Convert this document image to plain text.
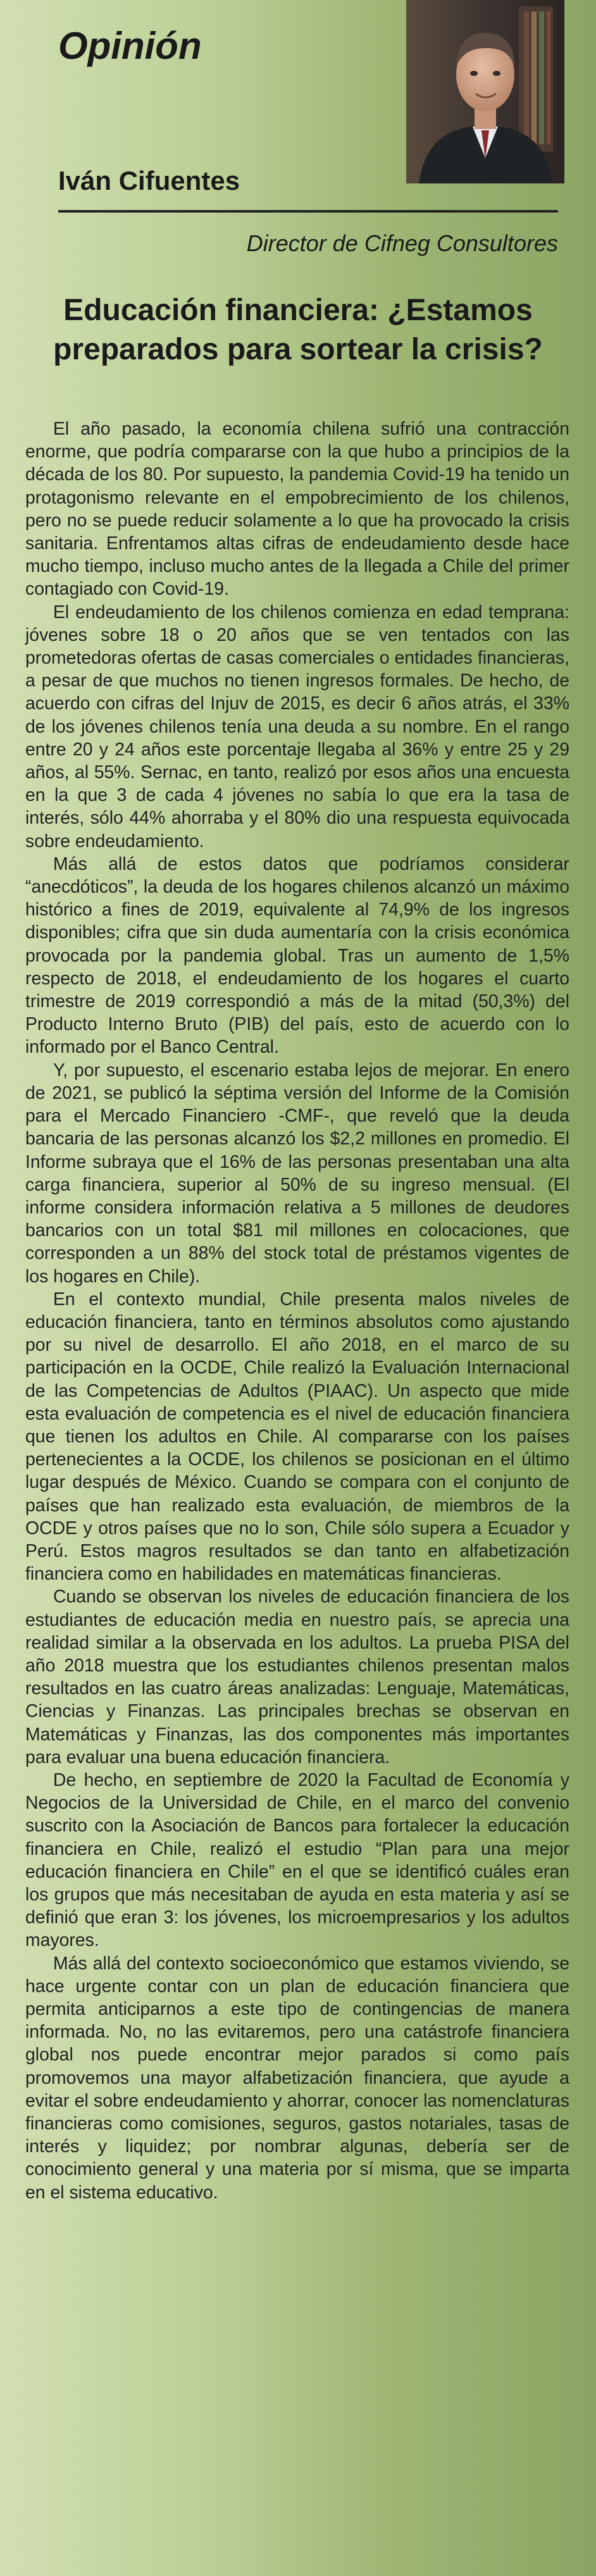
Opinión
Iván Cifuentes

Director de Cifneg Consultores

Educación financiera: ¿Estamos preparados para sortear la crisis?

El año pasado, la economía chilena sufrió una contracción enorme, que podría compararse con la que hubo a principios de la década de los 80. Por supuesto, la pandemia Covid-19 ha tenido un protagonismo relevante en el empobrecimiento de los chilenos, pero no se puede reducir solamente a lo que ha provocado la crisis sanitaria. Enfrentamos altas cifras de endeudamiento desde hace mucho tiempo, incluso mucho antes de la llegada a Chile del primer contagiado con Covid-19.

El endeudamiento de los chilenos comienza en edad temprana: jóvenes sobre 18 o 20 años que se ven tentados con las prometedoras ofertas de casas comerciales o entidades financieras, a pesar de que muchos no tienen ingresos formales. De hecho, de acuerdo con cifras del Injuv de 2015, es decir 6 años atrás, el 33% de los jóvenes chilenos tenía una deuda a su nombre. En el rango entre 20 y 24 años este porcentaje llegaba al 36% y entre 25 y 29 años, al 55%. Sernac, en tanto, realizó por esos años una encuesta en la que 3 de cada 4 jóvenes no sabía lo que era la tasa de interés, sólo 44% ahorraba y el 80% dio una respuesta equivocada sobre endeudamiento.

Más allá de estos datos que podríamos considerar “anecdóticos”, la deuda de los hogares chilenos alcanzó un máximo histórico a fines de 2019, equivalente al 74,9% de los ingresos disponibles; cifra que sin duda aumentaría con la crisis económica provocada por la pandemia global. Tras un aumento de 1,5% respecto de 2018, el endeudamiento de los hogares el cuarto trimestre de 2019 correspondió a más de la mitad (50,3%) del Producto Interno Bruto (PIB) del país, esto de acuerdo con lo informado por el Banco Central.

Y, por supuesto, el escenario estaba lejos de mejorar. En enero de 2021, se publicó la séptima versión del Informe de la Comisión para el Mercado Financiero -CMF-, que reveló que la deuda bancaria de las personas alcanzó los $2,2 millones en promedio. El Informe subraya que el 16% de las personas presentaban una alta carga financiera, superior al 50% de su ingreso mensual. (El informe considera información relativa a 5 millones de deudores bancarios con un total $81 mil millones en colocaciones, que corresponden a un 88% del stock total de préstamos vigentes de los hogares en Chile).

En el contexto mundial, Chile presenta malos niveles de educación financiera, tanto en términos absolutos como ajustando por su nivel de desarrollo. El año 2018, en el marco de su participación en la OCDE, Chile realizó la Evaluación Internacional de las Competencias de Adultos (PIAAC). Un aspecto que mide esta evaluación de competencia es el nivel de educación financiera que tienen los adultos en Chile. Al compararse con los países pertenecientes a la OCDE, los chilenos se posicionan en el último lugar después de México. Cuando se compara con el conjunto de países que han realizado esta evaluación, de miembros de la OCDE y otros países que no lo son, Chile sólo supera a Ecuador y Perú. Estos magros resultados se dan tanto en alfabetización financiera como en habilidades en matemáticas financieras.

Cuando se observan los niveles de educación financiera de los estudiantes de educación media en nuestro país, se aprecia una realidad similar a la observada en los adultos. La prueba PISA del año 2018 muestra que los estudiantes chilenos presentan malos resultados en las cuatro áreas analizadas: Lenguaje, Matemáticas, Ciencias y Finanzas. Las principales brechas se observan en Matemáticas y Finanzas, las dos componentes más importantes para evaluar una buena educación financiera.

De hecho, en septiembre de 2020 la Facultad de Economía y Negocios de la Universidad de Chile, en el marco del convenio suscrito con la Asociación de Bancos para fortalecer la educación financiera en Chile, realizó el estudio “Plan para una mejor educación financiera en Chile” en el que se identificó cuáles eran los grupos que más necesitaban de ayuda en esta materia y así se definió que eran 3: los jóvenes, los microempresarios y los adultos mayores.

Más allá del contexto socioeconómico que estamos viviendo, se hace urgente contar con un plan de educación financiera que permita anticiparnos a este tipo de contingencias de manera informada. No, no las evitaremos, pero una catástrofe financiera global nos puede encontrar mejor parados si como país promovemos una mayor alfabetización financiera, que ayude a evitar el sobre endeudamiento y ahorrar, conocer las nomenclaturas financieras como comisiones, seguros, gastos notariales, tasas de interés y liquidez; por nombrar algunas, debería ser de conocimiento general y una materia por sí misma, que se imparta en el sistema educativo.
